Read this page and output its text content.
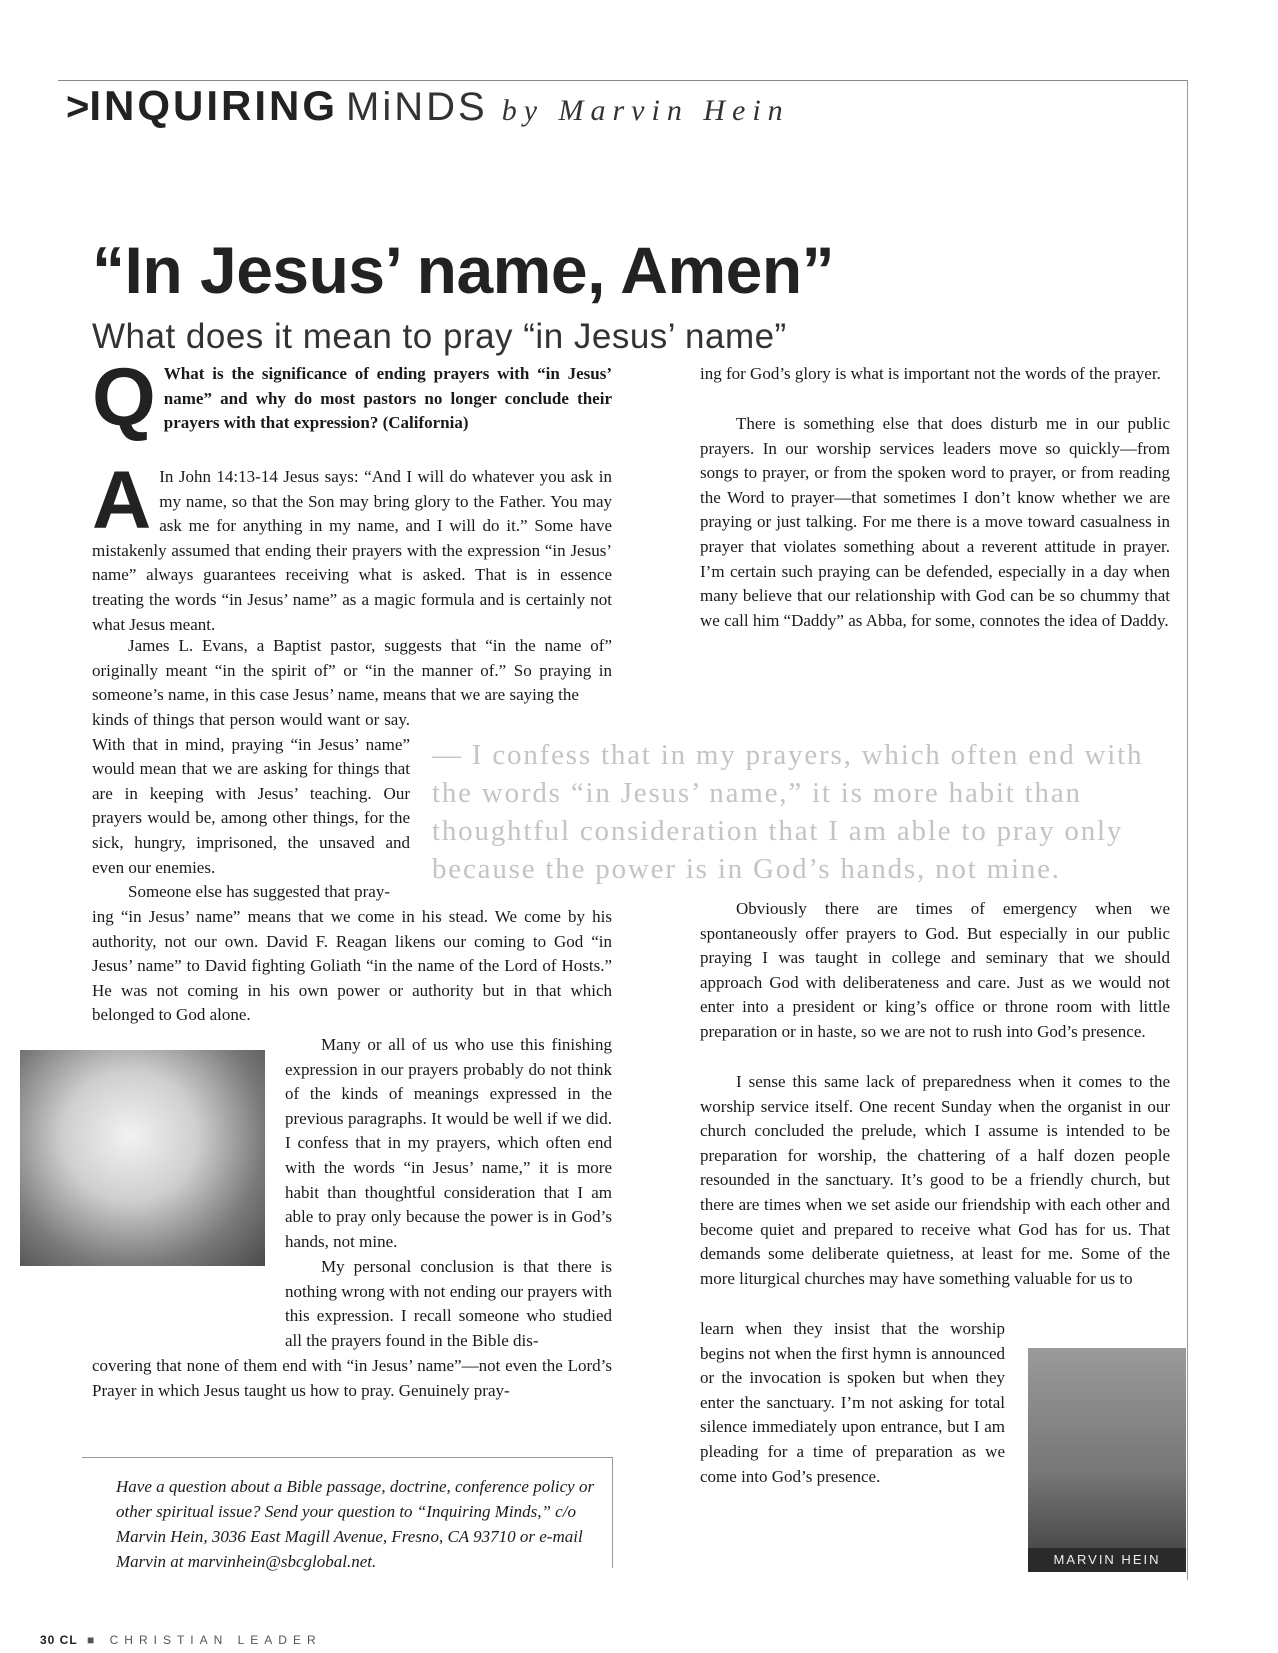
>INQUIRING MiNDS by Marvin Hein
“In Jesus’ name, Amen”
What does it mean to pray “in Jesus’ name”
Q What is the significance of ending prayers with “in Jesus’ name” and why do most pastors no longer conclude their prayers with that expression? (California)
A In John 14:13-14 Jesus says: “And I will do whatever you ask in my name, so that the Son may bring glory to the Father. You may ask me for anything in my name, and I will do it.” Some have mistakenly assumed that ending their prayers with the expression “in Jesus’ name” always guarantees receiving what is asked. That is in essence treating the words “in Jesus’ name” as a magic formula and is certainly not what Jesus meant.
James L. Evans, a Baptist pastor, suggests that “in the name of” originally meant “in the spirit of” or “in the manner of.” So praying in someone’s name, in this case Jesus’ name, means that we are saying the
kinds of things that person would want or say. With that in mind, praying “in Jesus’ name” would mean that we are asking for things that are in keeping with Jesus’ teaching. Our prayers would be, among other things, for the sick, hungry, imprisoned, the unsaved and even our enemies.
Someone else has suggested that pray-
ing “in Jesus’ name” means that we come in his stead. We come by his authority, not our own. David F. Reagan likens our coming to God “in Jesus’ name” to David fighting Goliath “in the name of the Lord of Hosts.” He was not coming in his own power or authority but in that which belonged to God alone.
Many or all of us who use this finishing expression in our prayers probably do not think of the kinds of meanings expressed in the previous paragraphs. It would be well if we did. I confess that in my prayers, which often end with the words “in Jesus’ name,” it is more habit than thoughtful consideration that I am able to pray only because the power is in God’s hands, not mine.
My personal conclusion is that there is nothing wrong with not ending our prayers with this expression. I recall someone who studied all the prayers found in the Bible dis-
covering that none of them end with “in Jesus’ name”—not even the Lord’s Prayer in which Jesus taught us how to pray. Genuinely pray-
ing for God’s glory is what is important not the words of the prayer.
There is something else that does disturb me in our public prayers. In our worship services leaders move so quickly—from songs to prayer, or from the spoken word to prayer, or from reading the Word to prayer—that sometimes I don’t know whether we are praying or just talking. For me there is a move toward casualness in prayer that violates something about a reverent attitude in prayer. I’m certain such praying can be defended, especially in a day when many believe that our relationship with God can be so chummy that we call him “Daddy” as Abba, for some, connotes the idea of Daddy.
— I confess that in my prayers, which often end with the words “in Jesus’ name,” it is more habit than thoughtful consideration that I am able to pray only because the power is in God’s hands, not mine.
Obviously there are times of emergency when we spontaneously offer prayers to God. But especially in our public praying I was taught in college and seminary that we should approach God with deliberateness and care. Just as we would not enter into a president or king’s office or throne room with little preparation or in haste, so we are not to rush into God’s presence.
I sense this same lack of preparedness when it comes to the worship service itself. One recent Sunday when the organist in our church concluded the prelude, which I assume is intended to be preparation for worship, the chattering of a half dozen people resounded in the sanctuary. It’s good to be a friendly church, but there are times when we set aside our friendship with each other and become quiet and prepared to receive what God has for us. That demands some deliberate quietness, at least for me. Some of the more liturgical churches may have something valuable for us to
learn when they insist that the worship begins not when the first hymn is announced or the invocation is spoken but when they enter the sanctuary. I’m not asking for total silence immediately upon entrance, but I am pleading for a time of preparation as we come into God’s presence.
MARVIN HEIN
Have a question about a Bible passage, doctrine, conference policy or other spiritual issue? Send your question to “Inquiring Minds,” c/o Marvin Hein, 3036 East Magill Avenue, Fresno, CA 93710 or e-mail Marvin at marvinhein@sbcglobal.net.
30 CL ■ CHRISTIAN LEADER
